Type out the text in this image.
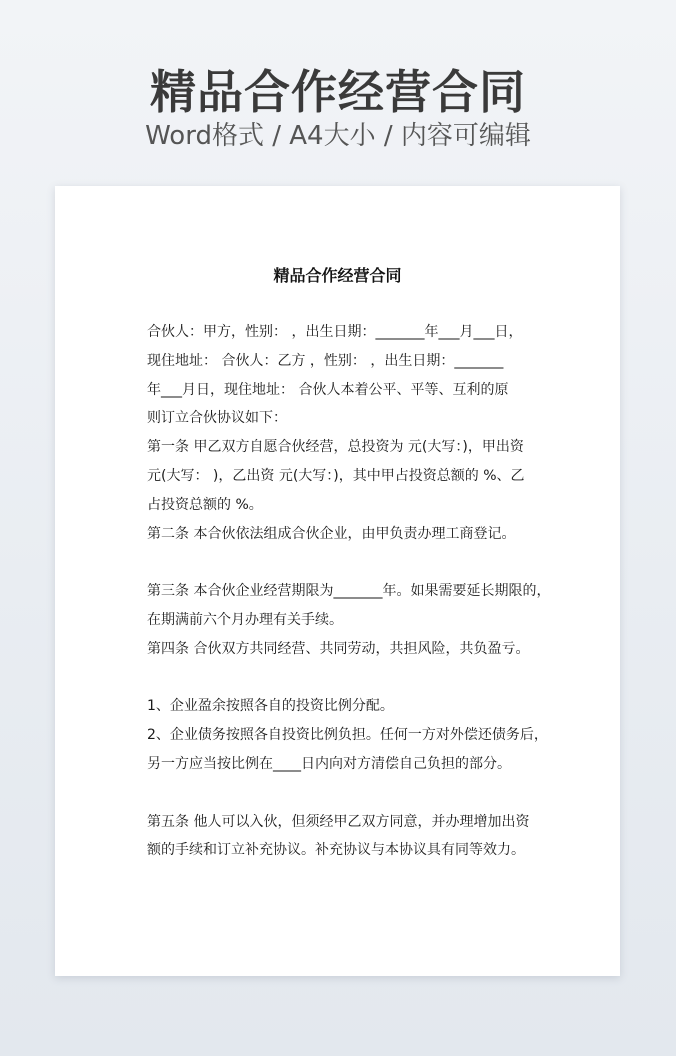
精品合作经营合同
Word格式 / A4大小 / 内容可编辑
精品合作经营合同
合伙人：甲方，性别： ，出生日期：_______年___月___日，
现住地址： 合伙人：乙方 ，性别： ，出生日期：_______
年___月日，现住地址： 合伙人本着公平、平等、互利的原
则订立合伙协议如下：
第一条 甲乙双方自愿合伙经营，总投资为 元(大写：)，甲出资
元(大写： )，乙出资 元(大写：)，其中甲占投资总额的 %、乙
占投资总额的 %。
第二条 本合伙依法组成合伙企业，由甲负责办理工商登记。
第三条 本合伙企业经营期限为_______年。如果需要延长期限的，
在期满前六个月办理有关手续。
第四条 合伙双方共同经营、共同劳动，共担风险，共负盈亏。
1、企业盈余按照各自的投资比例分配。
2、企业债务按照各自投资比例负担。任何一方对外偿还债务后，
另一方应当按比例在____日内向对方清偿自己负担的部分。
第五条 他人可以入伙，但须经甲乙双方同意，并办理增加出资
额的手续和订立补充协议。补充协议与本协议具有同等效力。
